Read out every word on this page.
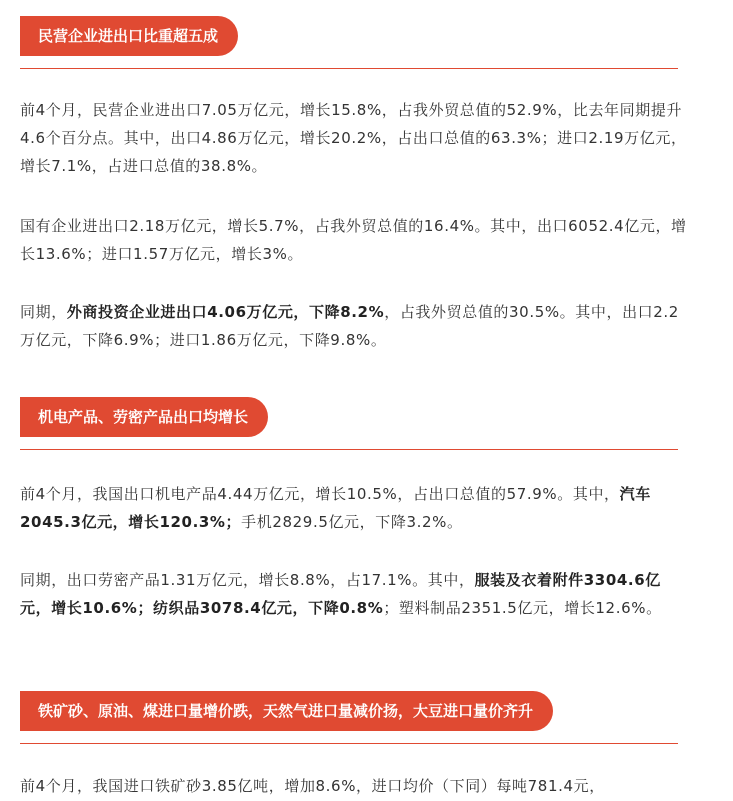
民营企业进出口比重超五成

前4个月，民营企业进出口7.05万亿元，增长15.8%，占我外贸总值的52.9%，比去年同期提升4.6个百分点。其中，出口4.86万亿元，增长20.2%，占出口总值的63.3%；进口2.19万亿元，增长7.1%，占进口总值的38.8%。

国有企业进出口2.18万亿元，增长5.7%，占我外贸总值的16.4%。其中，出口6052.4亿元，增长13.6%；进口1.57万亿元，增长3%。

同期，外商投资企业进出口4.06万亿元，下降8.2%，占我外贸总值的30.5%。其中，出口2.2万亿元，下降6.9%；进口1.86万亿元，下降9.8%。

机电产品、劳密产品出口均增长

前4个月，我国出口机电产品4.44万亿元，增长10.5%，占出口总值的57.9%。其中，汽车2045.3亿元，增长120.3%；手机2829.5亿元，下降3.2%。

同期，出口劳密产品1.31万亿元，增长8.8%，占17.1%。其中，服装及衣着附件3304.6亿元，增长10.6%；纺织品3078.4亿元，下降0.8%；塑料制品2351.5亿元，增长12.6%。

铁矿砂、原油、煤进口量增价跌，天然气进口量减价扬，大豆进口量价齐升

前4个月，我国进口铁矿砂3.85亿吨，增加8.6%，进口均价（下同）每吨781.4元，
